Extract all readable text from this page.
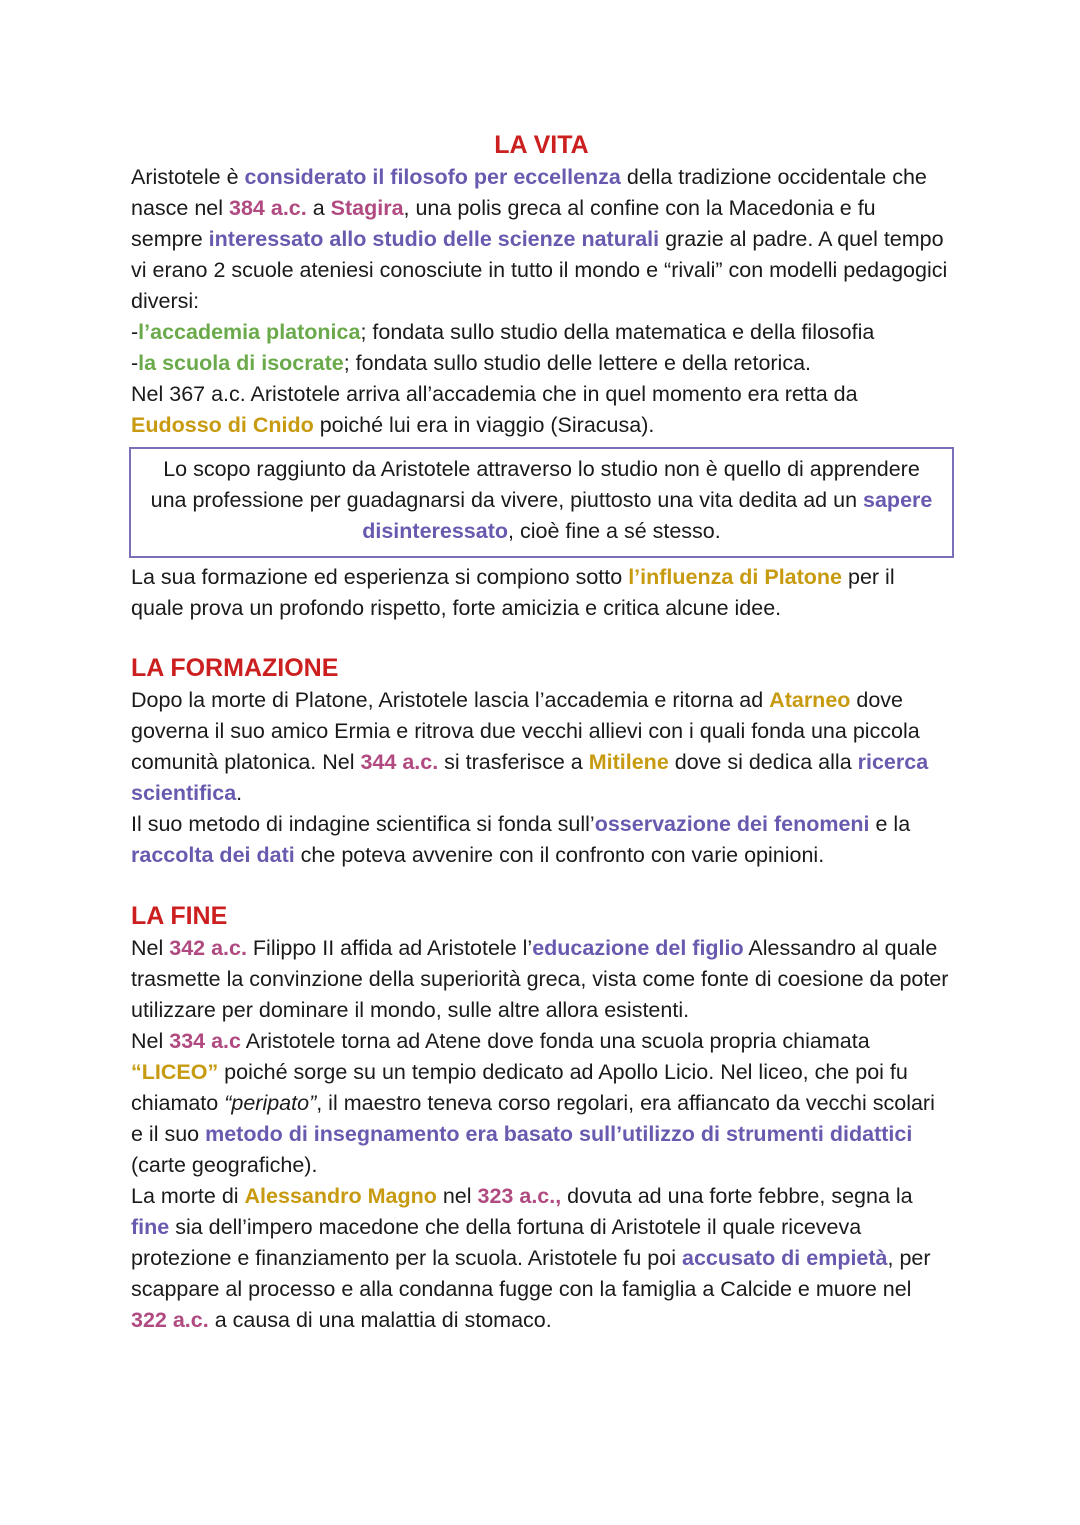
LA VITA

Aristotele è considerato il filosofo per eccellenza della tradizione occidentale che nasce nel 384 a.c. a Stagira, una polis greca al confine con la Macedonia e fu sempre interessato allo studio delle scienze naturali grazie al padre. A quel tempo vi erano 2 scuole ateniesi conosciute in tutto il mondo e “rivali” con modelli pedagogici diversi:

-l’accademia platonica; fondata sullo studio della matematica e della filosofia

-la scuola di isocrate; fondata sullo studio delle lettere e della retorica.

Nel 367 a.c. Aristotele arriva all’accademia che in quel momento era retta da Eudosso di Cnido poiché lui era in viaggio (Siracusa).

Lo scopo raggiunto da Aristotele attraverso lo studio non è quello di apprendere una professione per guadagnarsi da vivere, piuttosto una vita dedita ad un sapere disinteressato, cioè fine a sé stesso.

La sua formazione ed esperienza si compiono sotto l’influenza di Platone per il quale prova un profondo rispetto, forte amicizia e critica alcune idee.

LA FORMAZIONE

Dopo la morte di Platone, Aristotele lascia l’accademia e ritorna ad Atarneo dove governa il suo amico Ermia e ritrova due vecchi allievi con i quali fonda una piccola comunità platonica. Nel 344 a.c. si trasferisce a Mitilene dove si dedica alla ricerca scientifica.

Il suo metodo di indagine scientifica si fonda sull’osservazione dei fenomeni e la raccolta dei dati che poteva avvenire con il confronto con varie opinioni.

LA FINE

Nel 342 a.c. Filippo II affida ad Aristotele l’educazione del figlio Alessandro al quale trasmette la convinzione della superiorità greca, vista come fonte di coesione da poter utilizzare per dominare il mondo, sulle altre allora esistenti.

Nel 334 a.c Aristotele torna ad Atene dove fonda una scuola propria chiamata “LICEO” poiché sorge su un tempio dedicato ad Apollo Licio. Nel liceo, che poi fu chiamato “peripato”, il maestro teneva corso regolari, era affiancato da vecchi scolari e il suo metodo di insegnamento era basato sull’utilizzo di strumenti didattici (carte geografiche).

La morte di Alessandro Magno nel 323 a.c., dovuta ad una forte febbre, segna la fine sia dell’impero macedone che della fortuna di Aristotele il quale riceveva protezione e finanziamento per la scuola. Aristotele fu poi accusato di empietà, per scappare al processo e alla condanna fugge con la famiglia a Calcide e muore nel 322 a.c. a causa di una malattia di stomaco.
